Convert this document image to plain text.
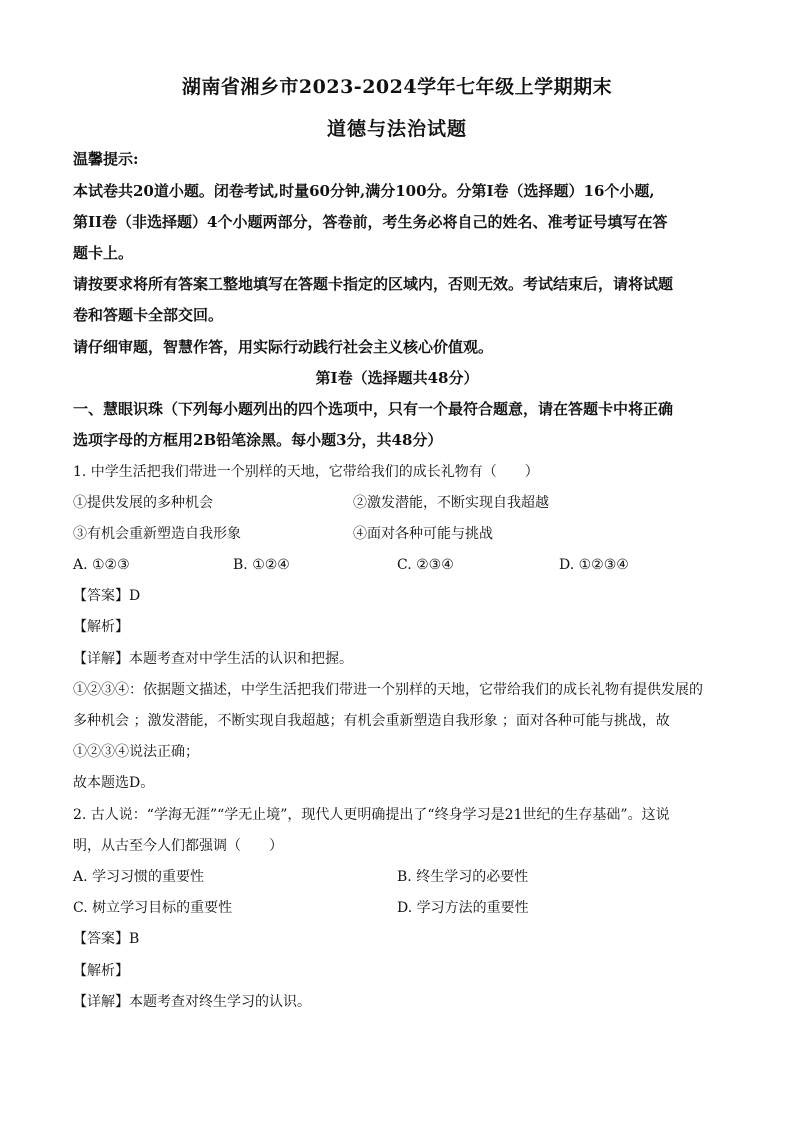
湖南省湘乡市2023-2024学年七年级上学期期末
道德与法治试题
温馨提示:
本试卷共20道小题。闭卷考试,时量60分钟,满分100分。分第I卷（选择题）16个小题,
第II卷（非选择题）4个小题两部分，答卷前，考生务必将自己的姓名、准考证号填写在答
题卡上。
请按要求将所有答案工整地填写在答题卡指定的区域内，否则无效。考试结束后，请将试题
卷和答题卡全部交回。
请仔细审题，智慧作答，用实际行动践行社会主义核心价值观。
第I卷（选择题共48分）
一、慧眼识珠（下列每小题列出的四个选项中，只有一个最符合题意，请在答题卡中将正确
选项字母的方框用2B铅笔涂黑。每小题3分，共48分）
1. 中学生活把我们带进一个别样的天地，它带给我们的成长礼物有（　　）
①提供发展的多种机会	②激发潜能，不断实现自我超越
③有机会重新塑造自我形象	④面对各种可能与挑战
A. ①②③	B. ①②④	C. ②③④	D. ①②③④
【答案】D
【解析】
【详解】本题考查对中学生活的认识和把握。
①②③④：依据题文描述，中学生活把我们带进一个别样的天地，它带给我们的成长礼物有提供发展的
多种机会 ；激发潜能，不断实现自我超越；有机会重新塑造自我形象 ；面对各种可能与挑战，故
①②③④说法正确；
故本题选D。
2. 古人说：“学海无涯”“学无止境”，现代人更明确提出了“终身学习是21世纪的生存基础”。这说
明，从古至今人们都强调（　　）
A. 学习习惯的重要性	B. 终生学习的必要性
C. 树立学习目标的重要性	D. 学习方法的重要性
【答案】B
【解析】
【详解】本题考查对终生学习的认识。
